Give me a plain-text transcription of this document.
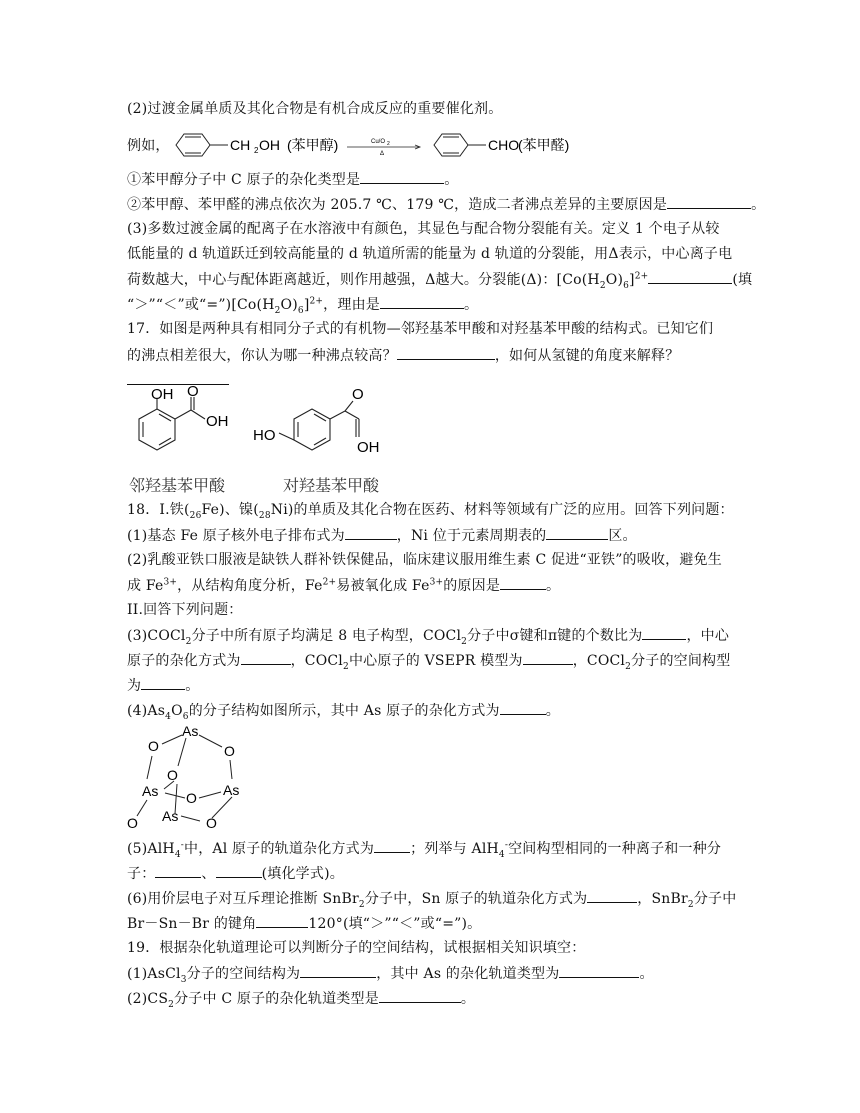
(2)过渡金属单质及其化合物是有机合成反应的重要催化剂。
例如，	CH 2 OH (苯甲醇)	Cu/O 2
Δ
CHO
(苯甲醛)
①苯甲醇分子中 C 原子的杂化类型是	。
②苯甲醇、苯甲醛的沸点依次为 205.7 ℃、179 ℃，造成二者沸点差异的主要原因是	。
(3)多数过渡金属的配离子在水溶液中有颜色，其显色与配合物分裂能有关。定义 1 个电子从较
低能量的 d 轨道跃迁到较高能量的 d 轨道所需的能量为 d 轨道的分裂能，用Δ表示，中心离子电
荷数越大，中心与配体距离越近，则作用越强，Δ越大。分裂能(Δ)：$[Co(H_2O)_6]^{2+}$	(填
“＞”“＜”或“$=”)[Co(H_2O)_6]^{2+}$，理由是	。
17．如图是两种具有相同分子式的有机物—邻羟基苯甲酸和对羟基苯甲酸的结构式。已知它们
的沸点相差很大，你认为哪一种沸点较高？	，如何从氢键的角度来解释？
OH O
OH
HO
O
OH
邻羟基苯甲酸	对羟基苯甲酸
18．I.铁$(_{26}Fe)$、镍$(_{28}Ni)$的单质及其化合物在医药、材料等领域有广泛的应用。回答下列问题：
(1)基态 Fe 原子核外电子排布式为	，Ni 位于元素周期表的	区。
(2)乳酸亚铁口服液是缺铁人群补铁保健品，临床建议服用维生素 C 促进“亚铁”的吸收，避免生
成 $Fe^{3+}$，从结构角度分析，$Fe^{2+}$易被氧化成 $Fe^{3+}$的原因是	。
II.回答下列问题：
(3)COCl$_2$分子中所有原子均满足 8 电子构型，COCl$_2$分子中σ键和π键的个数比为	，中心
原子的杂化方式为	，COCl$_2$中心原子的 VSEPR 模型为	，COCl$_2$分子的空间构型
为	。
$(4)As_4O_6$的分子结构如图所示，其中 As 原子的杂化方式为	。
As
O	O
O
As O As
As
O	O
(5)AlH$_4$-中，Al 原子的轨道杂化方式为	；列举与 AlH$_4$-空间构型相同的一种离子和一种分
子：	、	(填化学式)。
(6)用价层电子对互斥理论推断 SnBr$_2$分子中，Sn 原子的轨道杂化方式为	，SnBr$_2$分子中
Br－Sn－Br 的键角	120°(填“＞”“＜”或“=”)。
19．根据杂化轨道理论可以判断分子的空间结构，试根据相关知识填空：
(1)AsCl$_3$分子的空间结构为	，其中 As 的杂化轨道类型为	。
$(2)CS_2$分子中 C 原子的杂化轨道类型是	。
